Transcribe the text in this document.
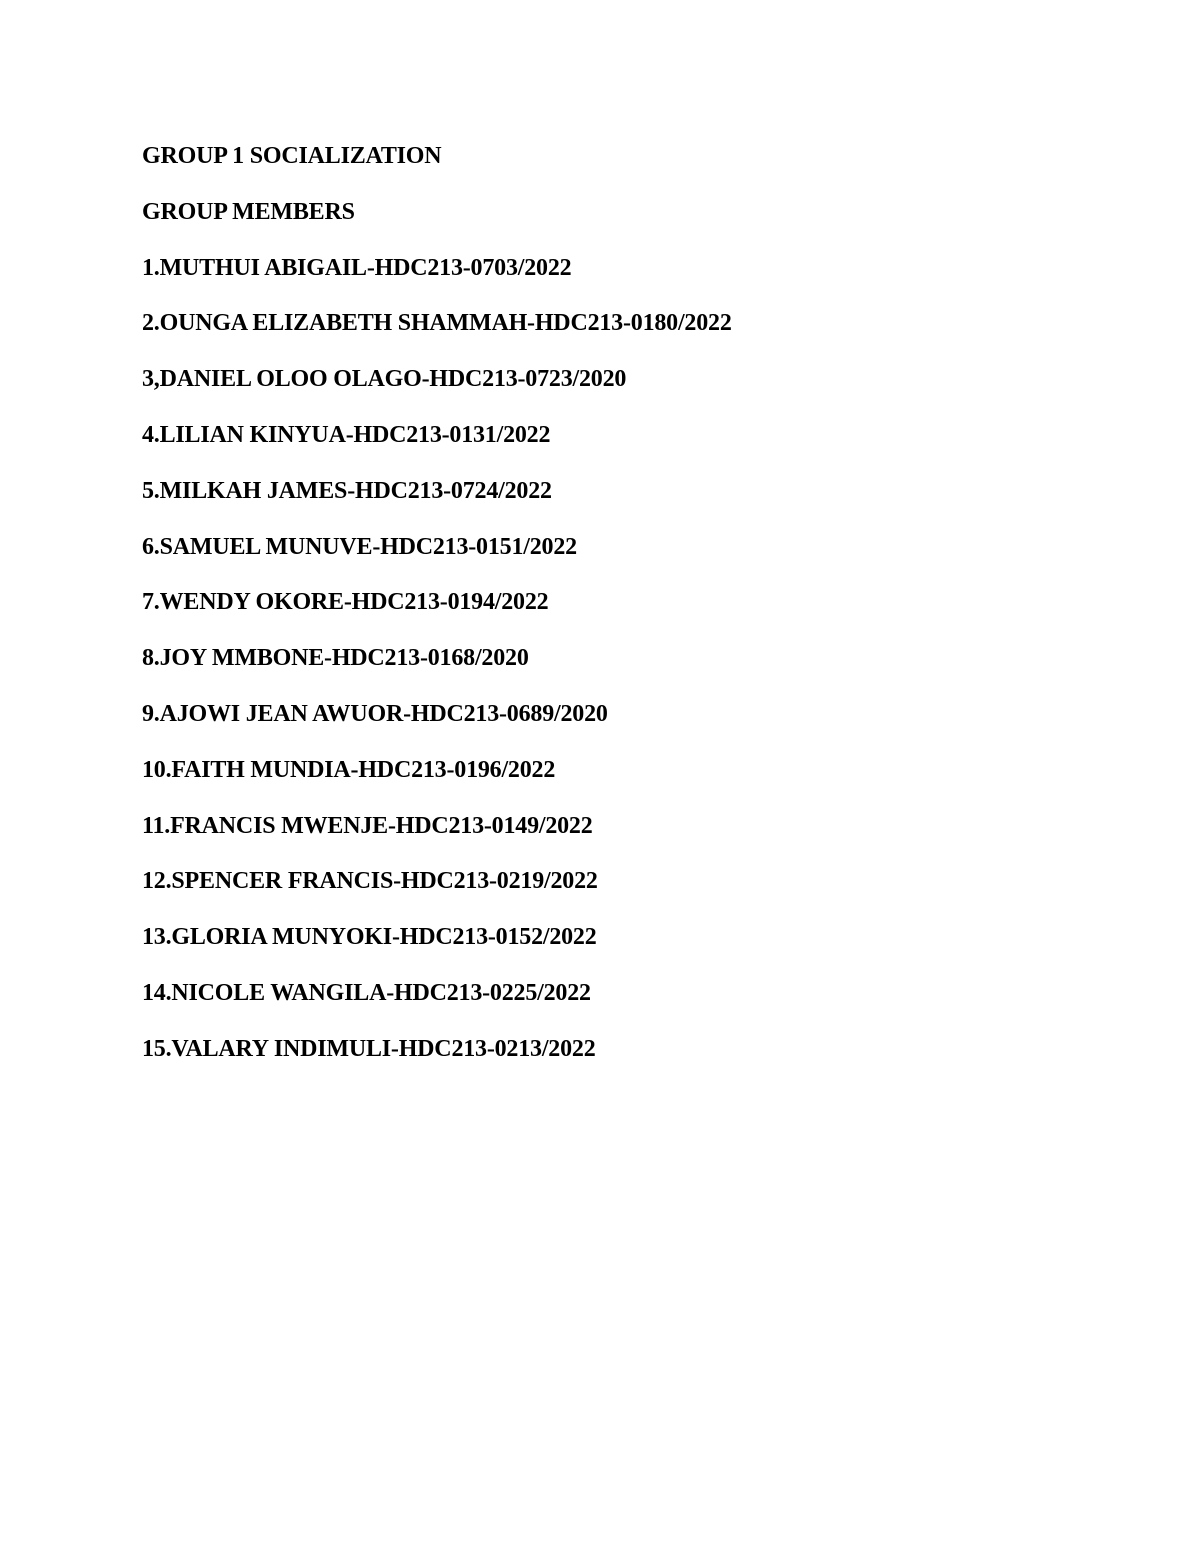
GROUP 1 SOCIALIZATION
GROUP MEMBERS
1.MUTHUI ABIGAIL-HDC213-0703/2022
2.OUNGA ELIZABETH SHAMMAH-HDC213-0180/2022
3,DANIEL OLOO OLAGO-HDC213-0723/2020
4.LILIAN KINYUA-HDC213-0131/2022
5.MILKAH JAMES-HDC213-0724/2022
6.SAMUEL MUNUVE-HDC213-0151/2022
7.WENDY OKORE-HDC213-0194/2022
8.JOY MMBONE-HDC213-0168/2020
9.AJOWI JEAN AWUOR-HDC213-0689/2020
10.FAITH MUNDIA-HDC213-0196/2022
11.FRANCIS MWENJE-HDC213-0149/2022
12.SPENCER FRANCIS-HDC213-0219/2022
13.GLORIA MUNYOKI-HDC213-0152/2022
14.NICOLE WANGILA-HDC213-0225/2022
15.VALARY INDIMULI-HDC213-0213/2022
